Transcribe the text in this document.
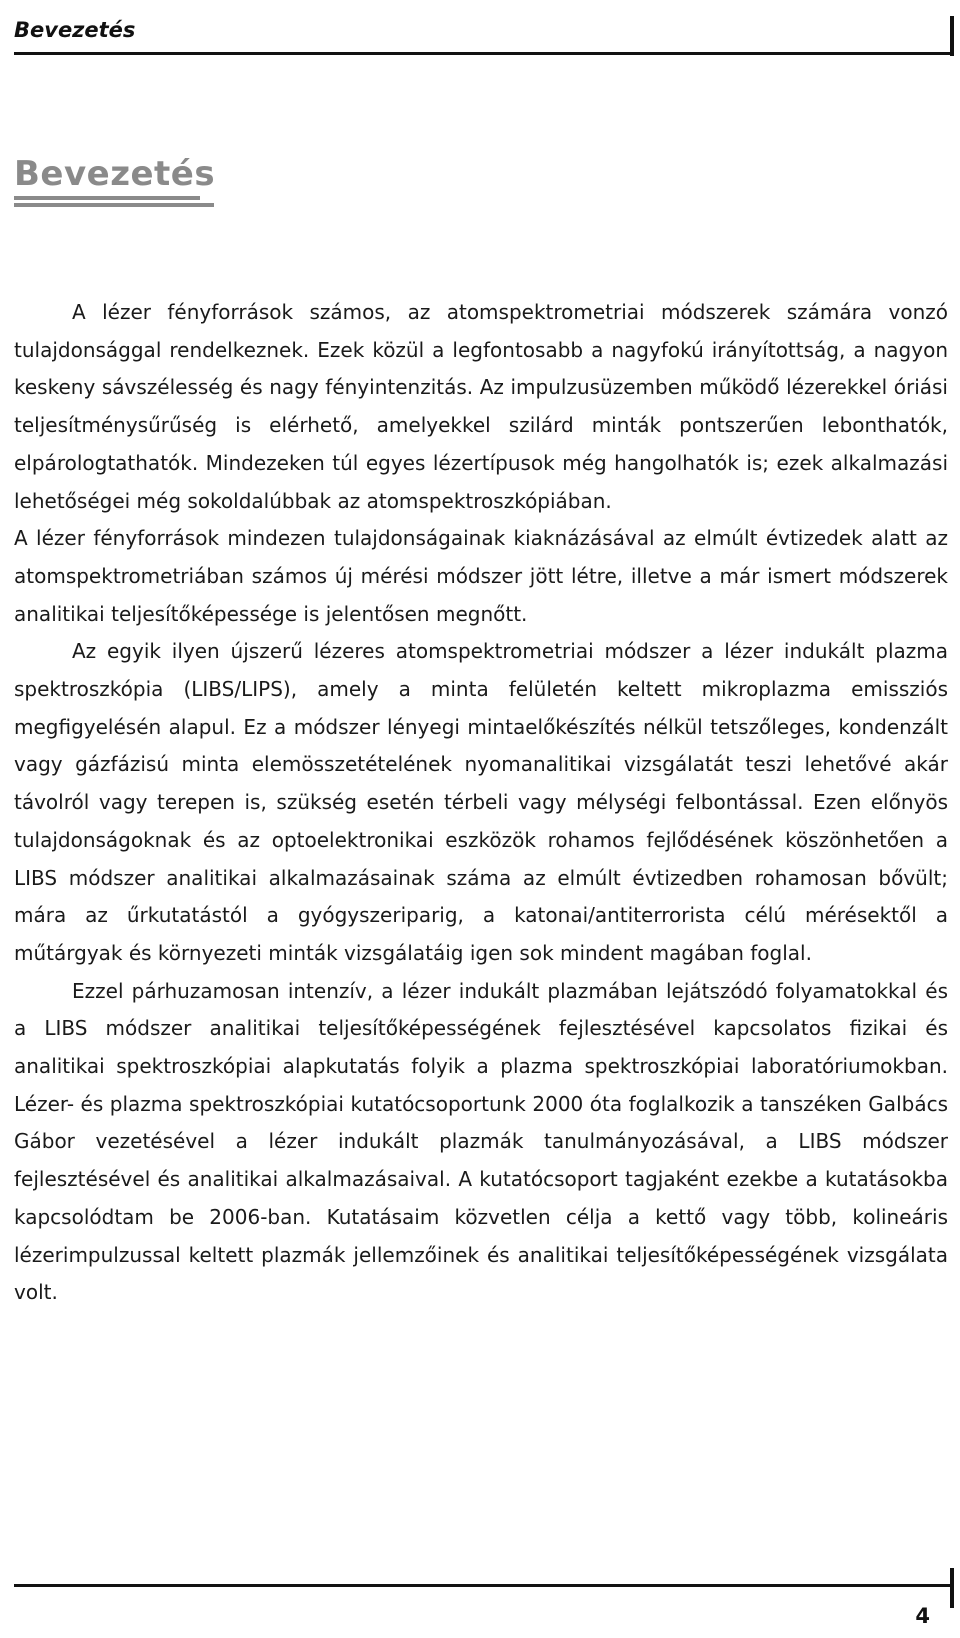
Bevezetés
Bevezetés

A lézer fényforrások számos, az atomspektrometriai módszerek számára vonzó tulajdonsággal rendelkeznek. Ezek közül a legfontosabb a nagyfokú irányítottság, a nagyon keskeny sávszélesség és nagy fényintenzitás. Az impulzusüzemben működő lézerekkel óriási teljesítménysűrűség is elérhető, amelyekkel szilárd minták pontszerűen lebonthatók, elpárologtathatók. Mindezeken túl egyes lézertípusok még hangolhatók is; ezek alkalmazási lehetőségei még sokoldalúbbak az atomspektroszkópiában.

A lézer fényforrások mindezen tulajdonságainak kiaknázásával az elmúlt évtizedek alatt az atomspektrometriában számos új mérési módszer jött létre, illetve a már ismert módszerek analitikai teljesítőképessége is jelentősen megnőtt.

Az egyik ilyen újszerű lézeres atomspektrometriai módszer a lézer indukált plazma spektroszkópia (LIBS/LIPS), amely a minta felületén keltett mikroplazma emissziós megfigyelésén alapul. Ez a módszer lényegi mintaelőkészítés nélkül tetszőleges, kondenzált vagy gázfázisú minta elemösszetételének nyomanalitikai vizsgálatát teszi lehetővé akár távolról vagy terepen is, szükség esetén térbeli vagy mélységi felbontással. Ezen előnyös tulajdonságoknak és az optoelektronikai eszközök rohamos fejlődésének köszönhetően a LIBS módszer analitikai alkalmazásainak száma az elmúlt évtizedben rohamosan bővült; mára az űrkutatástól a gyógyszeriparig, a katonai/antiterrorista célú mérésektől a műtárgyak és környezeti minták vizsgálatáig igen sok mindent magában foglal.

Ezzel párhuzamosan intenzív, a lézer indukált plazmában lejátszódó folyamatokkal és a LIBS módszer analitikai teljesítőképességének fejlesztésével kapcsolatos fizikai és analitikai spektroszkópiai alapkutatás folyik a plazma spektroszkópiai laboratóriumokban. Lézer- és plazma spektroszkópiai kutatócsoportunk 2000 óta foglalkozik a tanszéken Galbács Gábor vezetésével a lézer indukált plazmák tanulmányozásával, a LIBS módszer fejlesztésével és analitikai alkalmazásaival. A kutatócsoport tagjaként ezekbe a kutatásokba kapcsolódtam be 2006-ban. Kutatásaim közvetlen célja a kettő vagy több, kolineáris lézerimpulzussal keltett plazmák jellemzőinek és analitikai teljesítőképességének vizsgálata volt.

4
